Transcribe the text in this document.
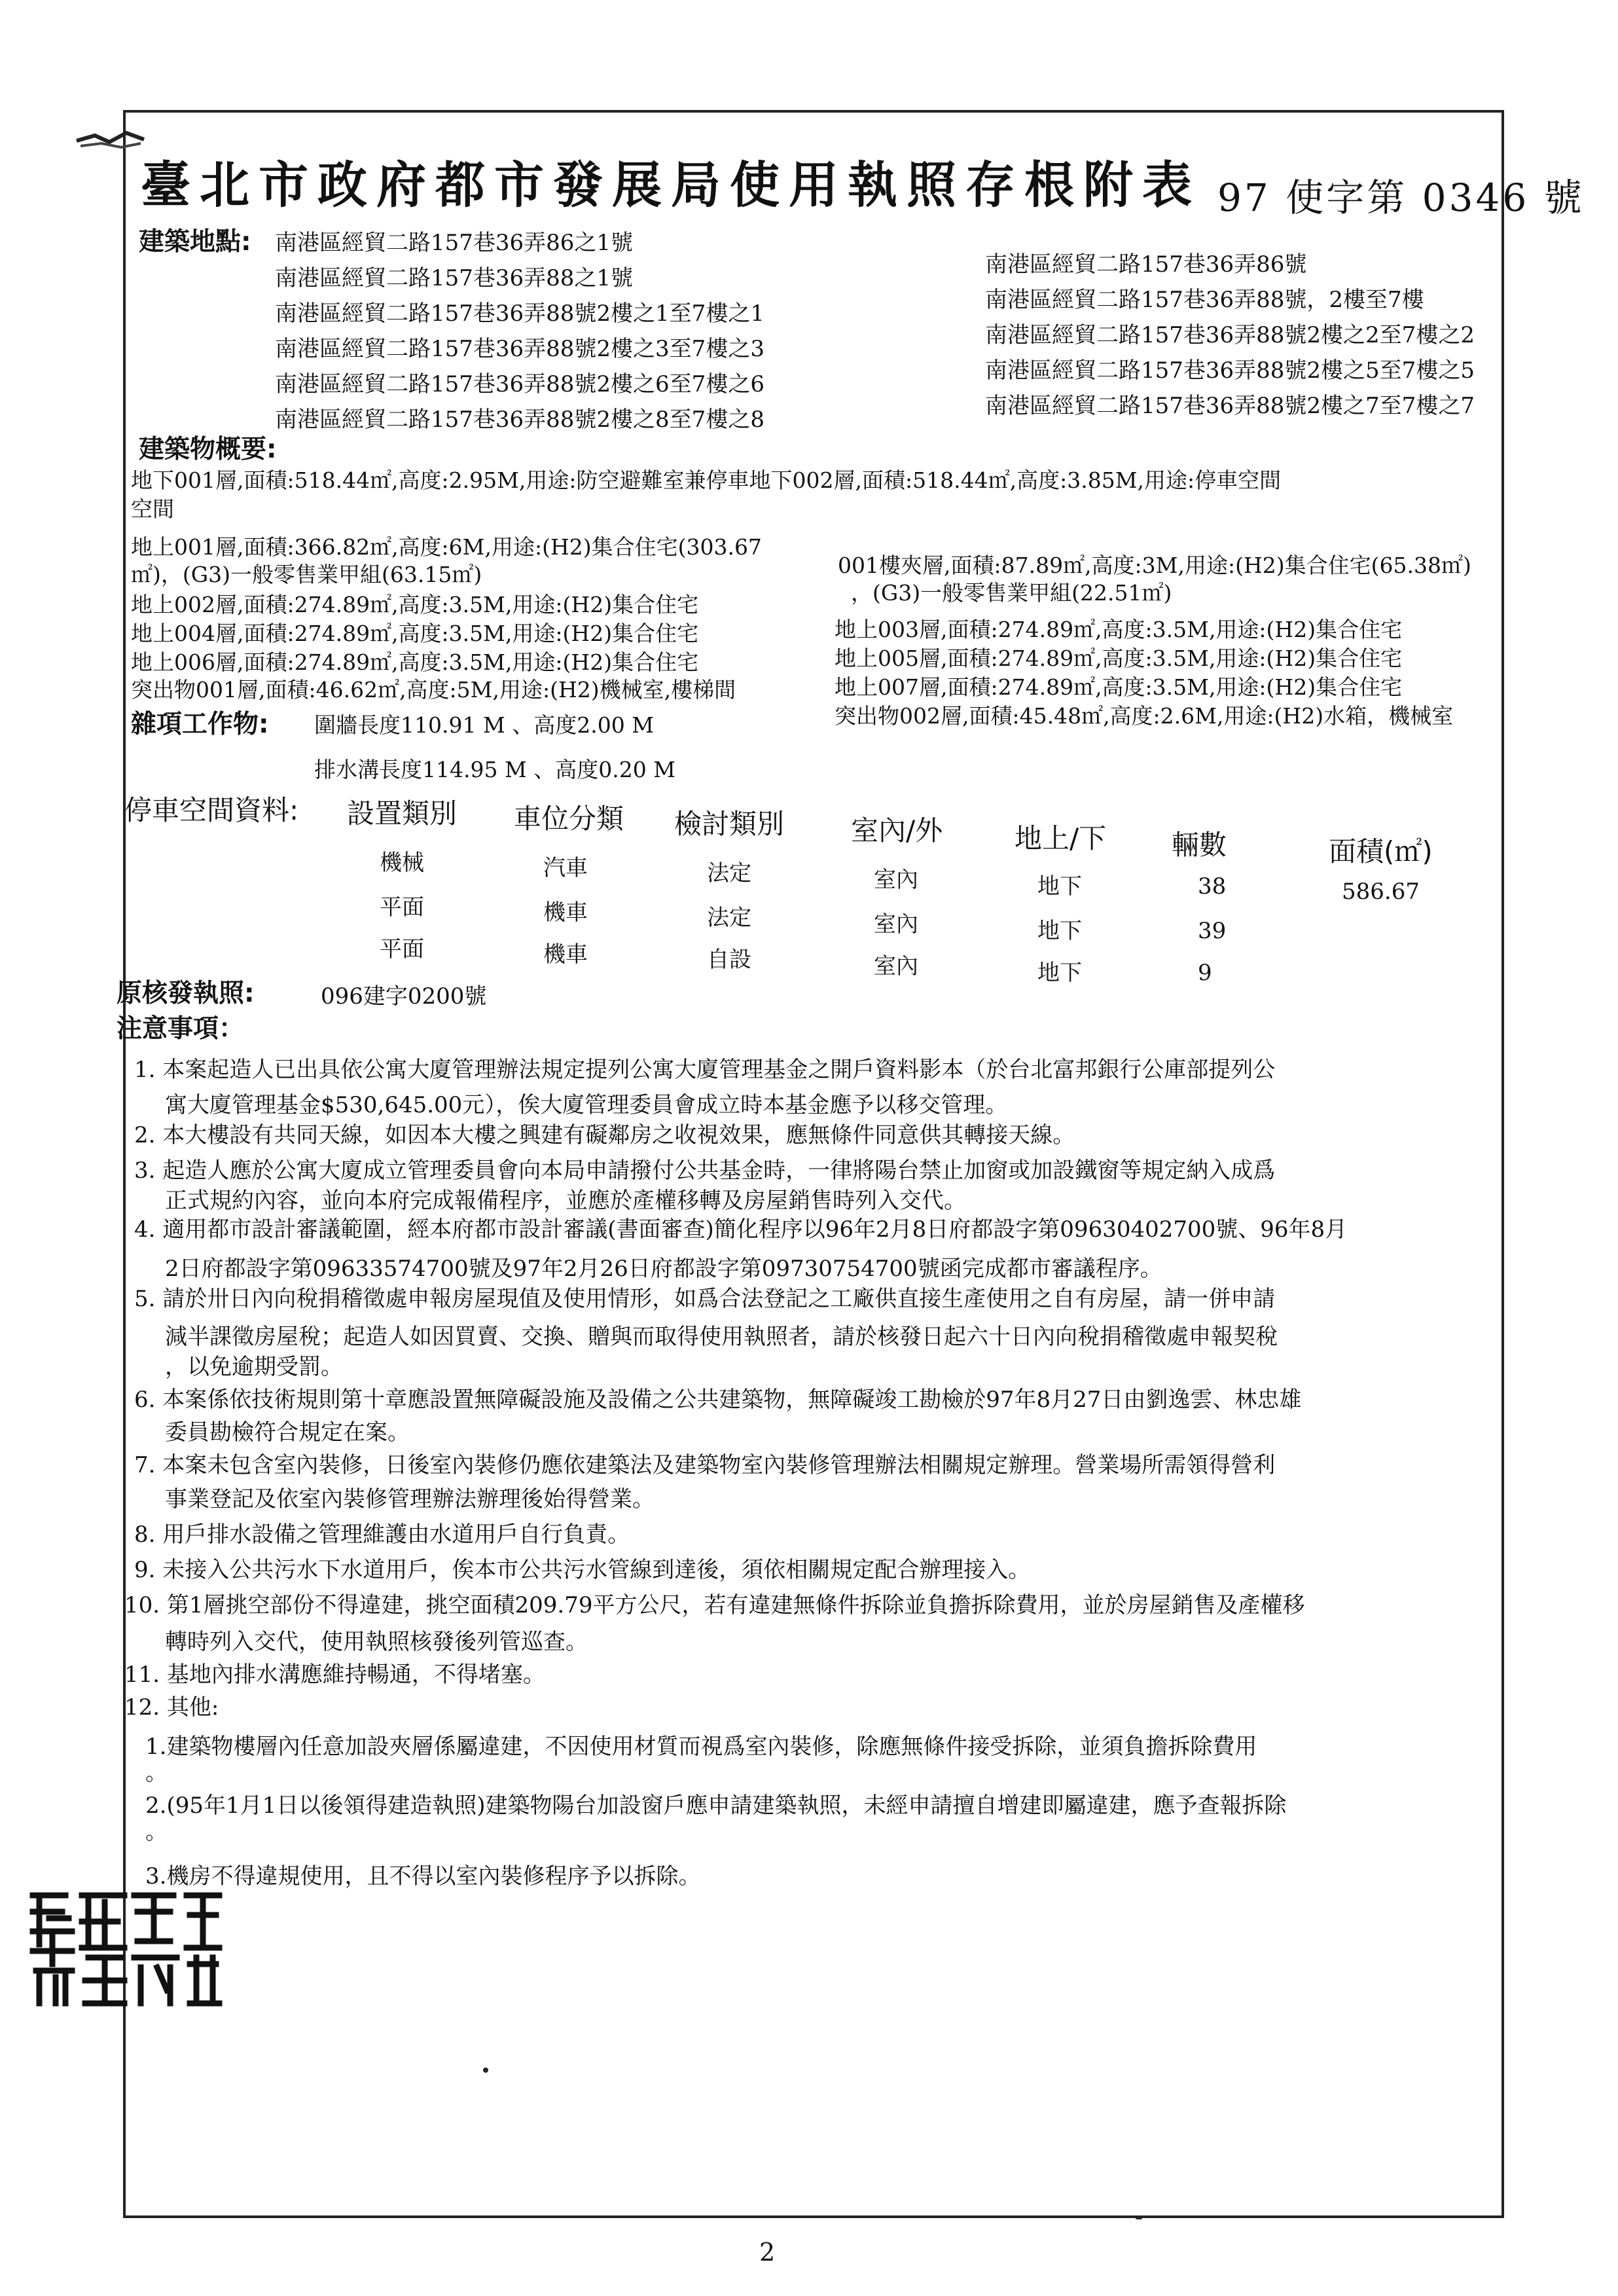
臺北市政府都市發展局使用執照存根附表 97 使字第 0346 號
建築地點: 南港區經貿二路157巷36弄86之1號
南港區經貿二路157巷36弄88之1號
南港區經貿二路157巷36弄88號2樓之1至7樓之1
南港區經貿二路157巷36弄88號2樓之3至7樓之3
南港區經貿二路157巷36弄88號2樓之6至7樓之6
南港區經貿二路157巷36弄88號2樓之8至7樓之8
南港區經貿二路157巷36弄86號
南港區經貿二路157巷36弄88號，2樓至7樓
南港區經貿二路157巷36弄88號2樓之2至7樓之2
南港區經貿二路157巷36弄88號2樓之5至7樓之5
南港區經貿二路157巷36弄88號2樓之7至7樓之7
建築物概要:
地下001層,面積:518.44㎡,高度:2.95M,用途:防空避難室兼停車地下002層,面積:518.44㎡,高度:3.85M,用途:停車空間
空間
地上001層,面積:366.82㎡,高度:6M,用途:(H2)集合住宅(303.67
㎡)，(G3)一般零售業甲組(63.15㎡)	001樓夾層,面積:87.89㎡,高度:3M,用途:(H2)集合住宅(65.38㎡)
，(G3)一般零售業甲組(22.51㎡)
地上002層,面積:274.89㎡,高度:3.5M,用途:(H2)集合住宅
地上004層,面積:274.89㎡,高度:3.5M,用途:(H2)集合住宅
地上006層,面積:274.89㎡,高度:3.5M,用途:(H2)集合住宅
突出物001層,面積:46.62㎡,高度:5M,用途:(H2)機械室,樓梯間
地上003層,面積:274.89㎡,高度:3.5M,用途:(H2)集合住宅
地上005層,面積:274.89㎡,高度:3.5M,用途:(H2)集合住宅
地上007層,面積:274.89㎡,高度:3.5M,用途:(H2)集合住宅
突出物002層,面積:45.48㎡,高度:2.6M,用途:(H2)水箱，機械室
雜項工作物: 圍牆長度110.91 M 、高度2.00 M
排水溝長度114.95 M 、高度0.20 M
停車空間資料: 設置類別 車位分類 檢討類別 室內/外	地上/下 輛數	面積(㎡)
機械	汽車	法定	室內	地下	38	586.67
平面	機車	法定	室內	地下	39
平面	機車	自設	室內	地下	9
原核發執照:	096建字0200號
注意事項：
1. 本案起造人已出具依公寓大廈管理辦法規定提列公寓大廈管理基金之開戶資料影本（於台北富邦銀行公庫部提列公
寓大廈管理基金$530,645.00元），俟大廈管理委員會成立時本基金應予以移交管理。
2. 本大樓設有共同天線，如因本大樓之興建有礙鄰房之收視效果，應無條件同意供其轉接天線。
3. 起造人應於公寓大廈成立管理委員會向本局申請撥付公共基金時，一律將陽台禁止加窗或加設鐵窗等規定納入成爲
正式規約內容，並向本府完成報備程序，並應於產權移轉及房屋銷售時列入交代。
4. 適用都市設計審議範圍，經本府都市設計審議(書面審查)簡化程序以96年2月8日府都設字第09630402700號、96年8月
2日府都設字第09633574700號及97年2月26日府都設字第09730754700號函完成都市審議程序。
5. 請於卅日內向稅捐稽徵處申報房屋現值及使用情形，如爲合法登記之工廠供直接生產使用之自有房屋，請一併申請
減半課徵房屋稅；起造人如因買賣、交換、贈與而取得使用執照者，請於核發日起六十日內向稅捐稽徵處申報契稅
，以免逾期受罰。
6. 本案係依技術規則第十章應設置無障礙設施及設備之公共建築物，無障礙竣工勘檢於97年8月27日由劉逸雲、林忠雄
委員勘檢符合規定在案。
7. 本案未包含室內裝修，日後室內裝修仍應依建築法及建築物室內裝修管理辦法相關規定辦理。營業場所需領得營利
事業登記及依室內裝修管理辦法辦理後始得營業。
8. 用戶排水設備之管理維護由水道用戶自行負責。
9. 未接入公共污水下水道用戶，俟本市公共污水管線到達後，須依相關規定配合辦理接入。
10. 第1層挑空部份不得違建，挑空面積209.79平方公尺，若有違建無條件拆除並負擔拆除費用，並於房屋銷售及產權移
轉時列入交代，使用執照核發後列管巡查。
11. 基地內排水溝應維持暢通，不得堵塞。
12. 其他:
1.建築物樓層內任意加設夾層係屬違建，不因使用材質而視爲室內裝修，除應無條件接受拆除，並須負擔拆除費用
。
2.(95年1月1日以後領得建造執照)建築物陽台加設窗戶應申請建築執照，未經申請擅自增建即屬違建，應予查報拆除
。
3.機房不得違規使用，且不得以室內裝修程序予以拆除。
2
